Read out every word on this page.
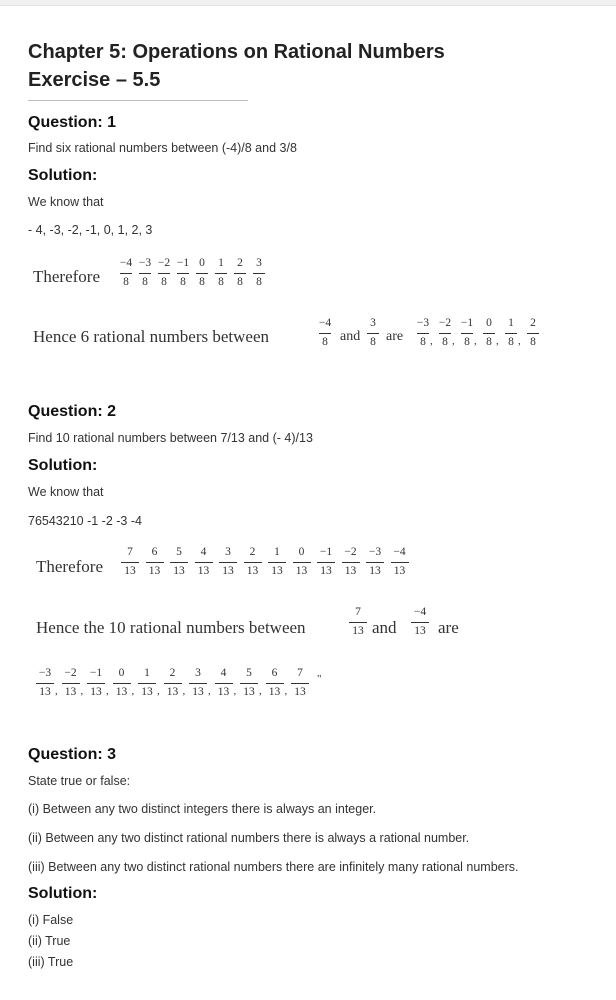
Chapter 5: Operations on Rational Numbers
Exercise – 5.5
Question: 1
Find six rational numbers between (-4)/8 and 3/8
Solution:
We know that
- 4, -3, -2, -1, 0, 1, 2, 3
Therefore
−4
8
−3
8
−2
8
−1
8
0
8
1
8
2
8
3
8
Hence 6 rational numbers between
−4
8 and
3
8 are
−3
8 ,
−2
8 ,
−1
8 ,
0
8 ,
1
8 ,
2
8
Question: 2
Find 10 rational numbers between 7/13 and (- 4)/13
Solution:
We know that
76543210 -1 -2 -3 -4
Therefore
7
13
6
13
5
13
4
13
3
13
2
13
1
13
0
13
−1
13
−2
13
−3
13
−4
13
Hence the 10 rational numbers between
7
13 and
−4
13 are
−3
13 ,
−2
13 ,
−1
13 ,
0
13 ,
1
13 ,
2
13 ,
3
13 ,
4
13 ,
5
13 ,
6
13 ,
7
13
"
Question: 3
State true or false:
(i) Between any two distinct integers there is always an integer.
(ii) Between any two distinct rational numbers there is always a rational number.
(iii) Between any two distinct rational numbers there are infinitely many rational numbers.
Solution:
(i) False
(ii) True
(iii) True
